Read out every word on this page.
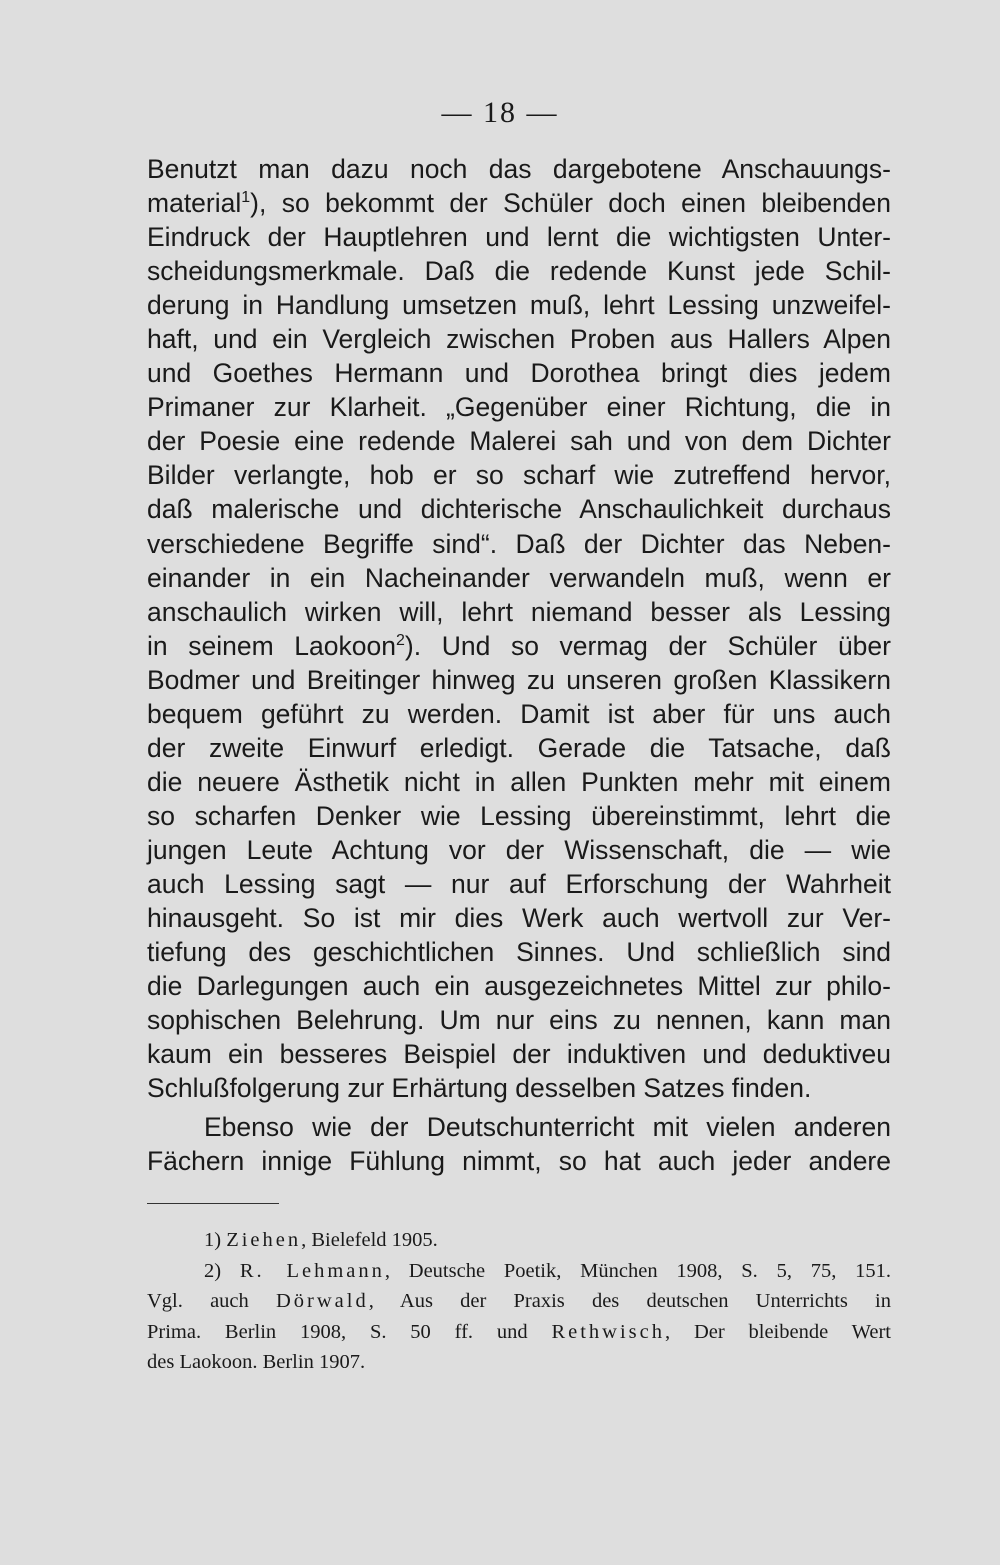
— 18 —
Benutzt man dazu noch das dargebotene Anschauungs-
material$^1$), so bekommt der Schüler doch einen bleibenden
Eindruck der Hauptlehren und lernt die wichtigsten Unter-
scheidungsmerkmale. Daß die redende Kunst jede Schil-
derung in Handlung umsetzen muß, lehrt Lessing unzweifel-
haft, und ein Vergleich zwischen Proben aus Hallers Alpen
und Goethes Hermann und Dorothea bringt dies jedem
Primaner zur Klarheit. „Gegenüber einer Richtung, die in
der Poesie eine redende Malerei sah und von dem Dichter
Bilder verlangte, hob er so scharf wie zutreffend hervor,
daß malerische und dichterische Anschaulichkeit durchaus
verschiedene Begriffe sind“. Daß der Dichter das Neben-
einander in ein Nacheinander verwandeln muß, wenn er
anschaulich wirken will, lehrt niemand besser als Lessing
in seinem Laokoon$^2$). Und so vermag der Schüler über
Bodmer und Breitinger hinweg zu unseren großen Klassikern
bequem geführt zu werden. Damit ist aber für uns auch
der zweite Einwurf erledigt. Gerade die Tatsache, daß
die neuere Ästhetik nicht in allen Punkten mehr mit einem
so scharfen Denker wie Lessing übereinstimmt, lehrt die
jungen Leute Achtung vor der Wissenschaft, die — wie
auch Lessing sagt — nur auf Erforschung der Wahrheit
hinausgeht. So ist mir dies Werk auch wertvoll zur Ver-
tiefung des geschichtlichen Sinnes. Und schließlich sind
die Darlegungen auch ein ausgezeichnetes Mittel zur philo-
sophischen Belehrung. Um nur eins zu nennen, kann man
kaum ein besseres Beispiel der induktiven und deduktiveu
Schlußfolgerung zur Erhärtung desselben Satzes finden.
Ebenso wie der Deutschunterricht mit vielen anderen
Fächern innige Fühlung nimmt, so hat auch jeder andere
1) Ziehen, Bielefeld 1905.
2) R. Lehmann, Deutsche Poetik, München 1908, S. 5, 75, 151.
Vgl. auch Dörwald, Aus der Praxis des deutschen Unterrichts in
Prima. Berlin 1908, S. 50 ff. und Rethwisch, Der bleibende Wert
des Laokoon. Berlin 1907.
